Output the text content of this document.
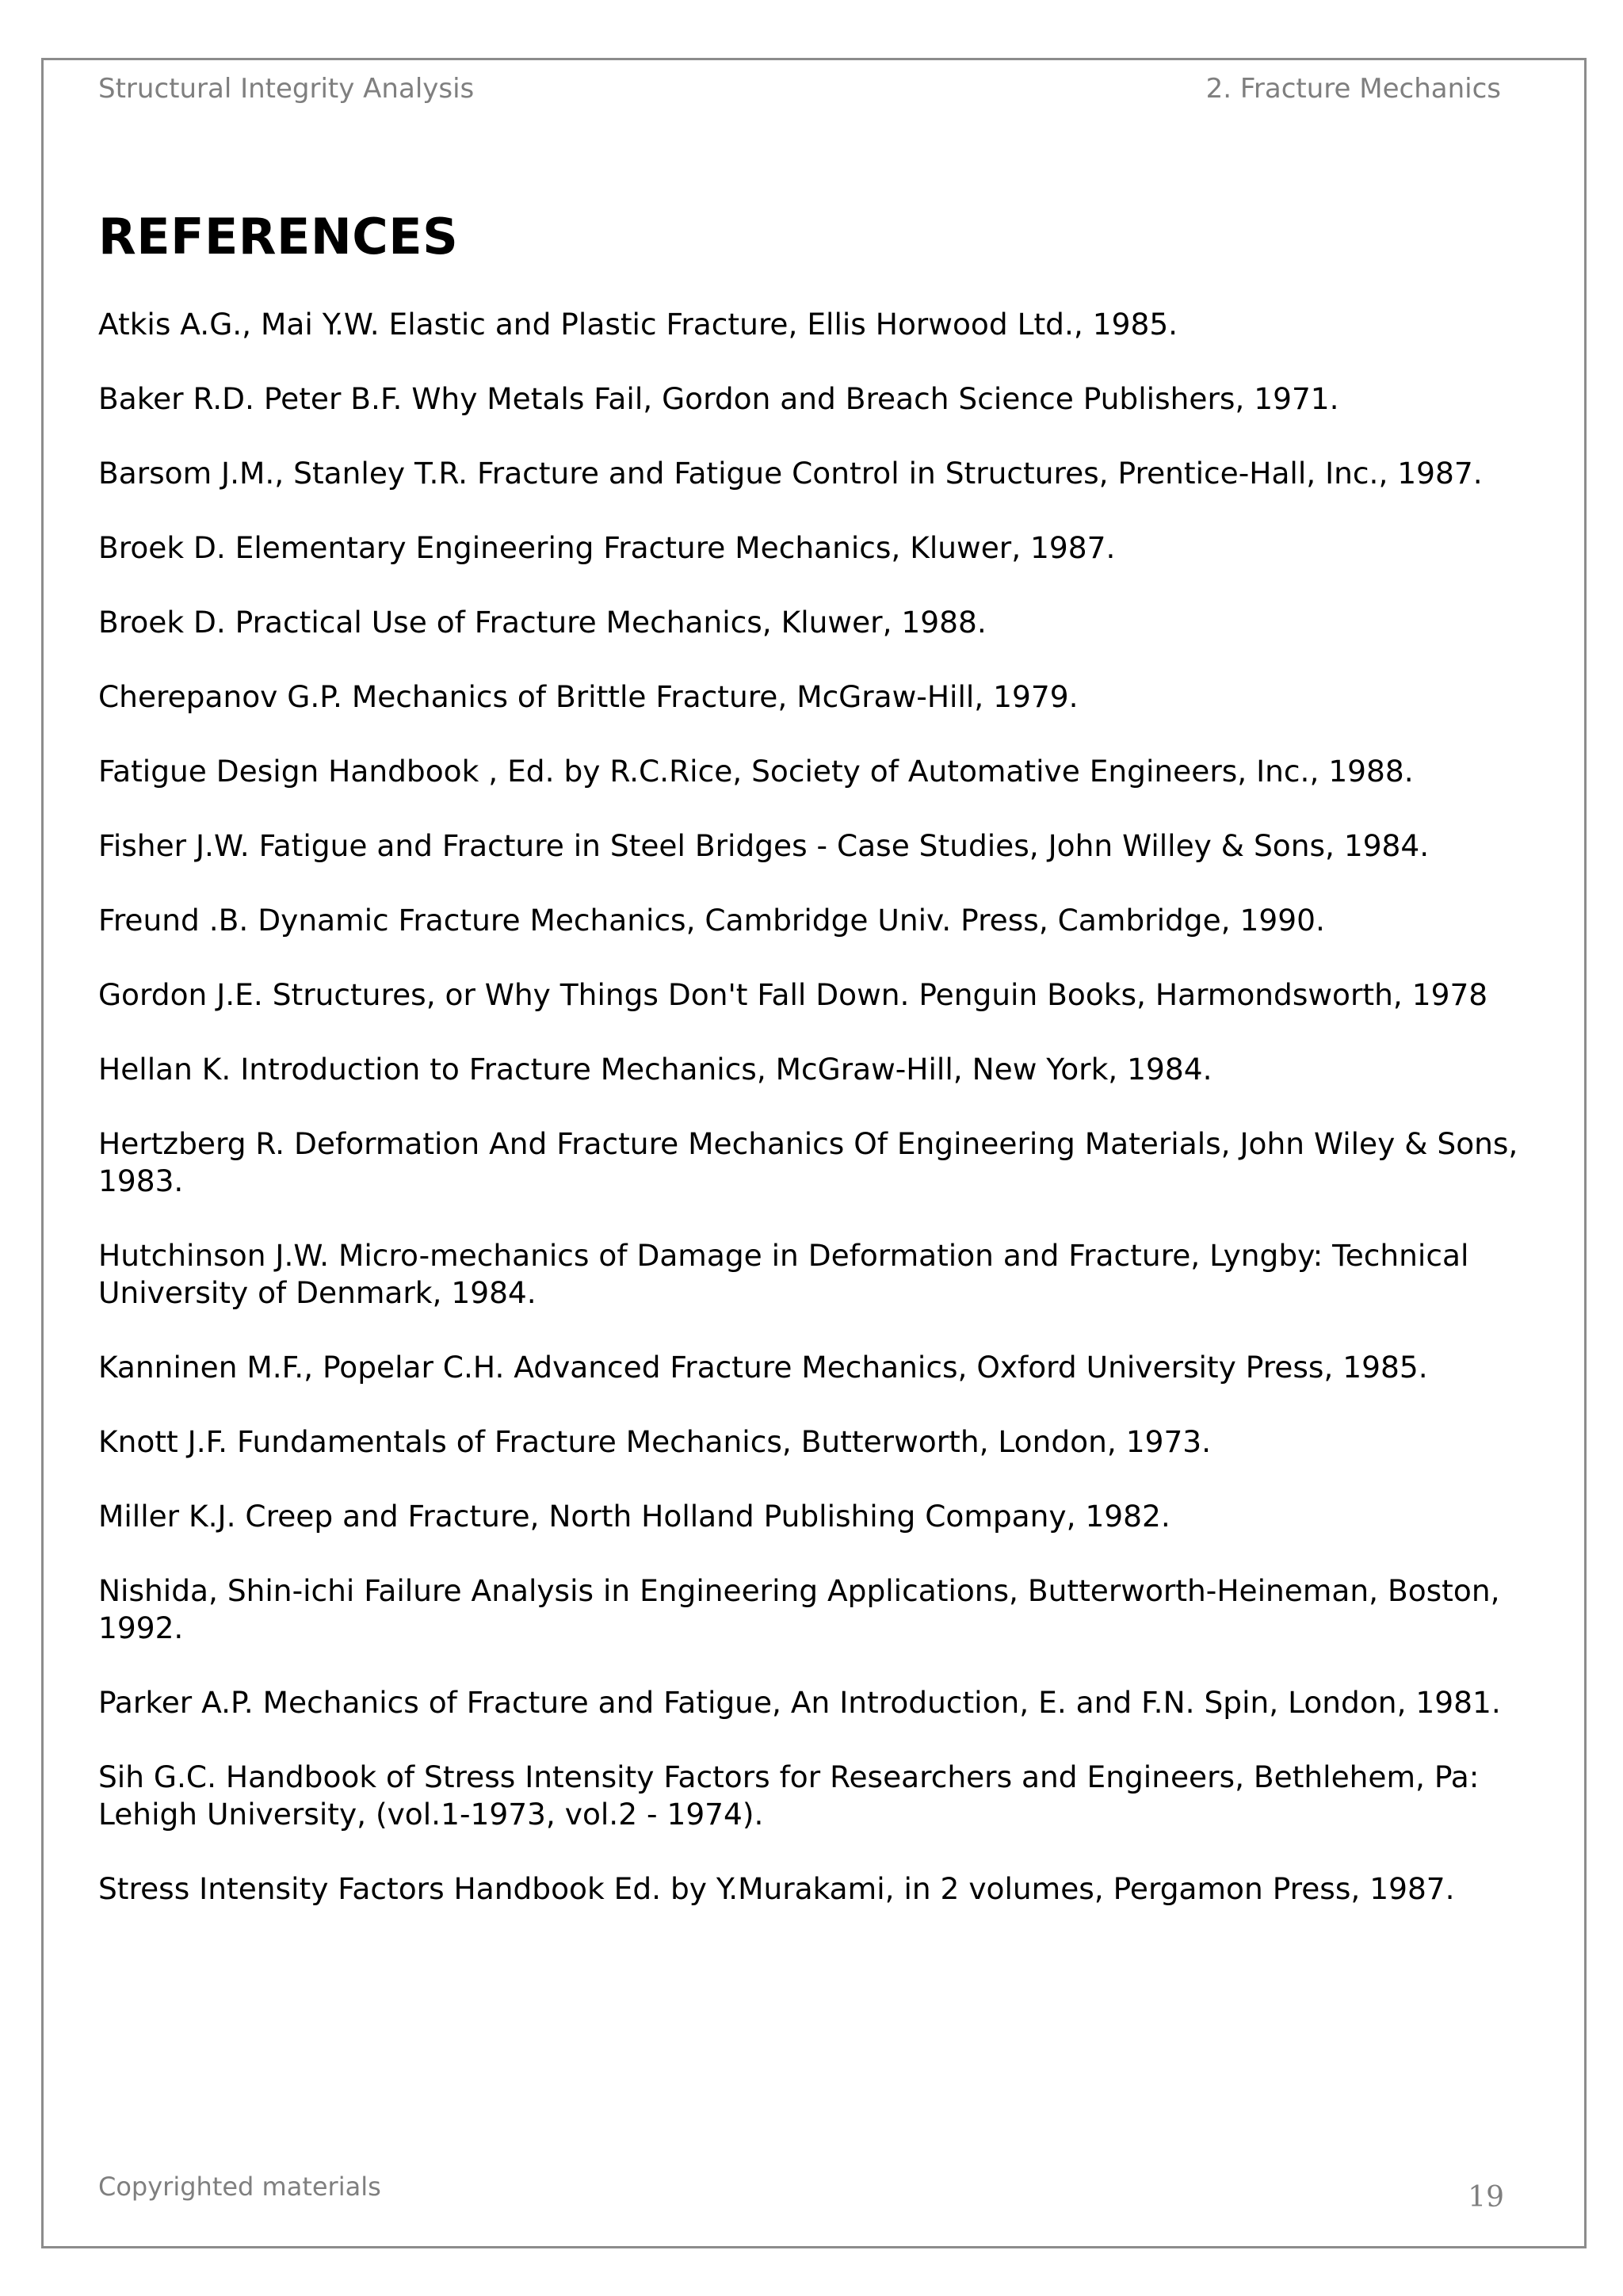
Structural Integrity Analysis	2. Fracture Mechanics
REFERENCES
Atkis A.G., Mai Y.W. Elastic and Plastic Fracture, Ellis Horwood Ltd., 1985.
Baker R.D. Peter B.F. Why Metals Fail, Gordon and Breach Science Publishers, 1971.
Barsom J.M., Stanley T.R. Fracture and Fatigue Control in Structures, Prentice-Hall, Inc., 1987.
Broek D. Elementary Engineering Fracture Mechanics, Kluwer, 1987.
Broek D. Practical Use of Fracture Mechanics, Kluwer, 1988.
Cherepanov G.P. Mechanics of Brittle Fracture, McGraw-Hill, 1979.
Fatigue Design Handbook , Ed. by R.C.Rice, Society of Automative Engineers, Inc., 1988.
Fisher J.W. Fatigue and Fracture in Steel Bridges - Case Studies, John Willey & Sons, 1984.
Freund .B. Dynamic Fracture Mechanics, Cambridge Univ. Press, Cambridge, 1990.
Gordon J.E. Structures, or Why Things Don't Fall Down. Penguin Books, Harmondsworth, 1978
Hellan K. Introduction to Fracture Mechanics, McGraw-Hill, New York, 1984.
Hertzberg R. Deformation And Fracture Mechanics Of Engineering Materials, John Wiley & Sons, 1983.
Hutchinson J.W. Micro-mechanics of Damage in Deformation and Fracture, Lyngby: Technical University of Denmark, 1984.
Kanninen M.F., Popelar C.H. Advanced Fracture Mechanics, Oxford University Press, 1985.
Knott J.F. Fundamentals of Fracture Mechanics, Butterworth, London, 1973.
Miller K.J. Creep and Fracture, North Holland Publishing Company, 1982.
Nishida, Shin-ichi Failure Analysis in Engineering Applications, Butterworth-Heineman, Boston, 1992.
Parker A.P. Mechanics of Fracture and Fatigue, An Introduction, E. and F.N. Spin, London, 1981.
Sih G.C. Handbook of Stress Intensity Factors for Researchers and Engineers, Bethlehem, Pa: Lehigh University, (vol.1-1973, vol.2 - 1974).
Stress Intensity Factors Handbook Ed. by Y.Murakami, in 2 volumes, Pergamon Press, 1987.
Copyrighted materials	19
